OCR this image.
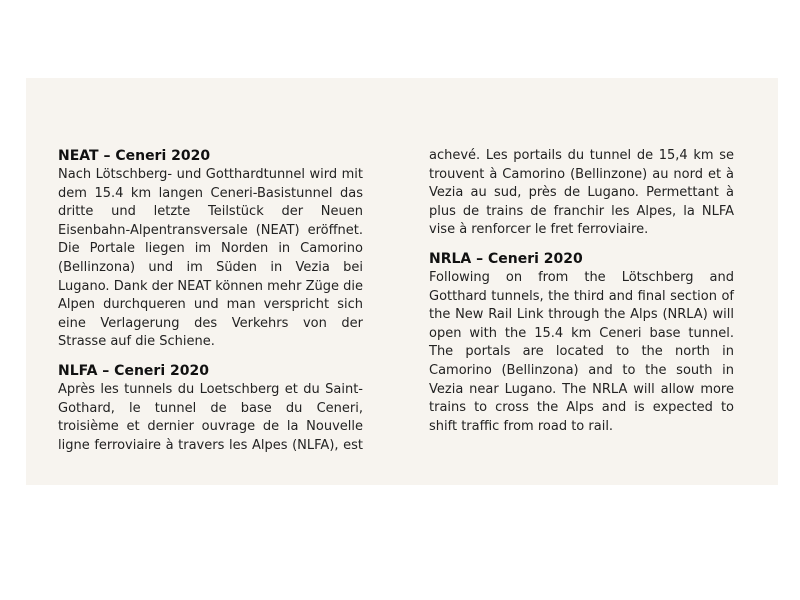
NEAT – Ceneri 2020

Nach Lötschberg- und Gotthardtunnel wird mit dem 15.4 km langen Ceneri-Basistunnel das dritte und letzte Teilstück der Neuen Eisenbahn-Alpentransversale (NEAT) eröffnet. Die Portale liegen im Norden in Camorino (Bellinzona) und im Süden in Vezia bei Lugano. Dank der NEAT können mehr Züge die Alpen durchqueren und man verspricht sich eine Verlagerung des Verkehrs von der Strasse auf die Schiene.

NLFA – Ceneri 2020

Après les tunnels du Loetschberg et du Saint-Gothard, le tunnel de base du Ceneri, troisième et dernier ouvrage de la Nouvelle ligne ferroviaire à travers les Alpes (NLFA), est

achevé. Les portails du tunnel de 15,4 km se trouvent à Camorino (Bellinzone) au nord et à Vezia au sud, près de Lugano. Permettant à plus de trains de franchir les Alpes, la NLFA vise à renforcer le fret ferroviaire.

NRLA – Ceneri 2020

Following on from the Lötschberg and Gotthard tunnels, the third and final section of the New Rail Link through the Alps (NRLA) will open with the 15.4 km Ceneri base tunnel. The portals are located to the north in Camorino (Bellinzona) and to the south in Vezia near Lugano. The NRLA will allow more trains to cross the Alps and is expected to shift traffic from road to rail.
